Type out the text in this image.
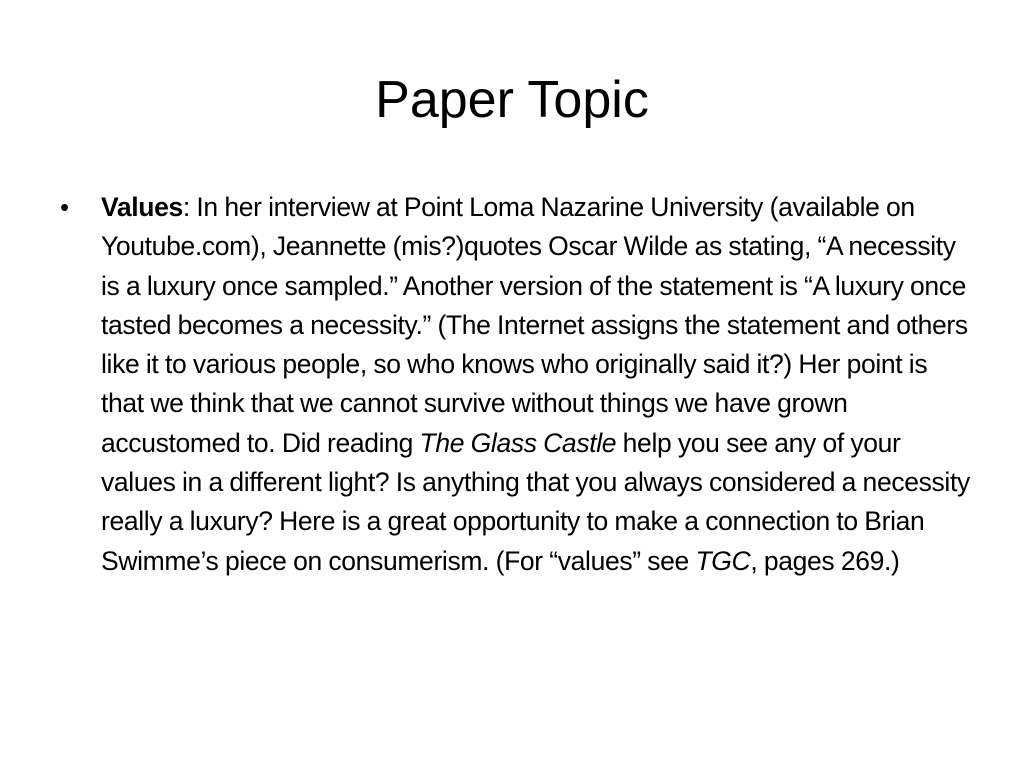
Paper Topic
• Values: In her interview at Point Loma Nazarine University (available on Youtube.com), Jeannette (mis?)quotes Oscar Wilde as stating, “A necessity is a luxury once sampled.” Another version of the statement is “A luxury once tasted becomes a necessity.” (The Internet assigns the statement and others like it to various people, so who knows who originally said it?) Her point is that we think that we cannot survive without things we have grown accustomed to. Did reading The Glass Castle help you see any of your values in a different light? Is anything that you always considered a necessity really a luxury? Here is a great opportunity to make a connection to Brian Swimme’s piece on consumerism. (For “values” see TGC, pages 269.)
